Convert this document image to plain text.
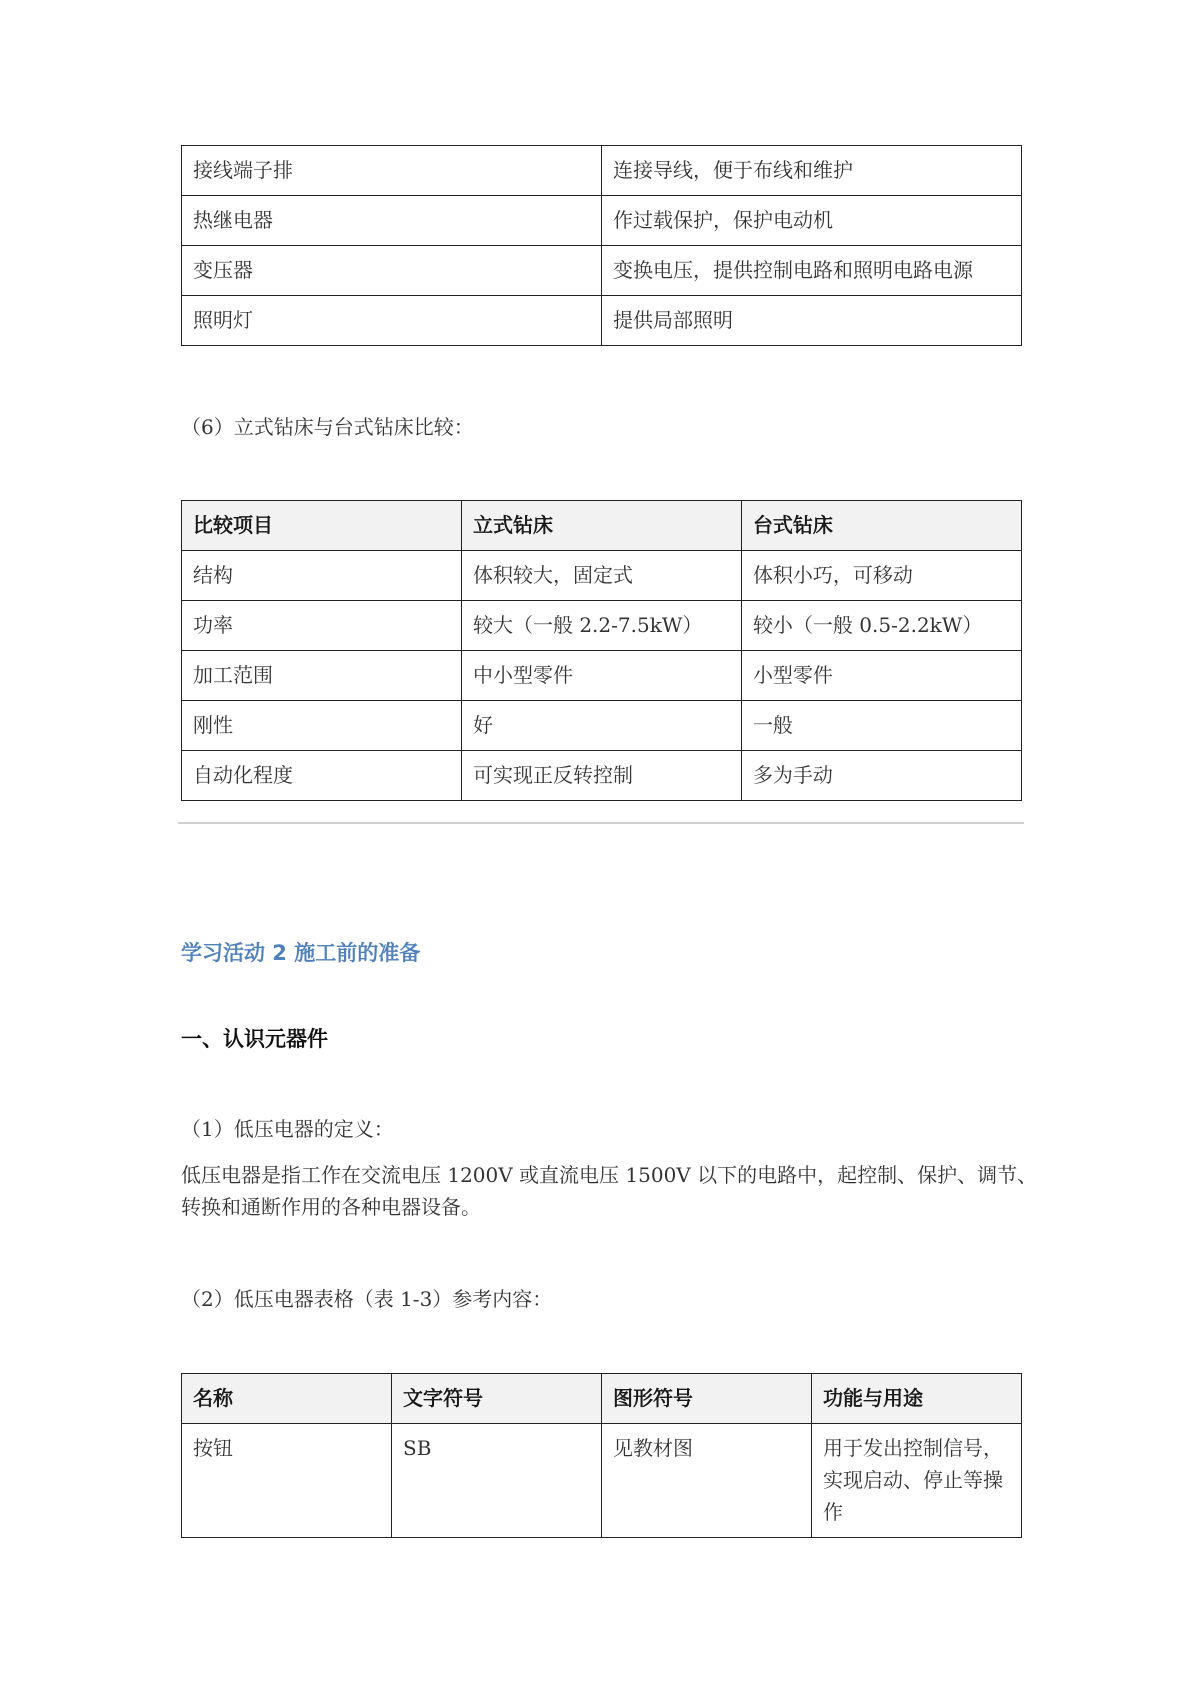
接线端子排	连接导线，便于布线和维护
热继电器	作过载保护，保护电动机
变压器	变换电压，提供控制电路和照明电路电源
照明灯	提供局部照明

（6）立式钻床与台式钻床比较：

比较项目	立式钻床	台式钻床
结构	体积较大，固定式	体积小巧，可移动
功率	较大（一般 2.2-7.5kW）	较小（一般 0.5-2.2kW）
加工范围	中小型零件	小型零件
刚性	好	一般
自动化程度	可实现正反转控制	多为手动
学习活动 2 施工前的准备
一、认识元器件

（1）低压电器的定义：

低压电器是指工作在交流电压 1200V 或直流电压 1500V 以下的电路中，起控制、保护、调节、转换和通断作用的各种电器设备。

（2）低压电器表格（表 1-3）参考内容：

名称	文字符号	图形符号	功能与用途
按钮	SB	见教材图	用于发出控制信号，实现启动、停止等操作
